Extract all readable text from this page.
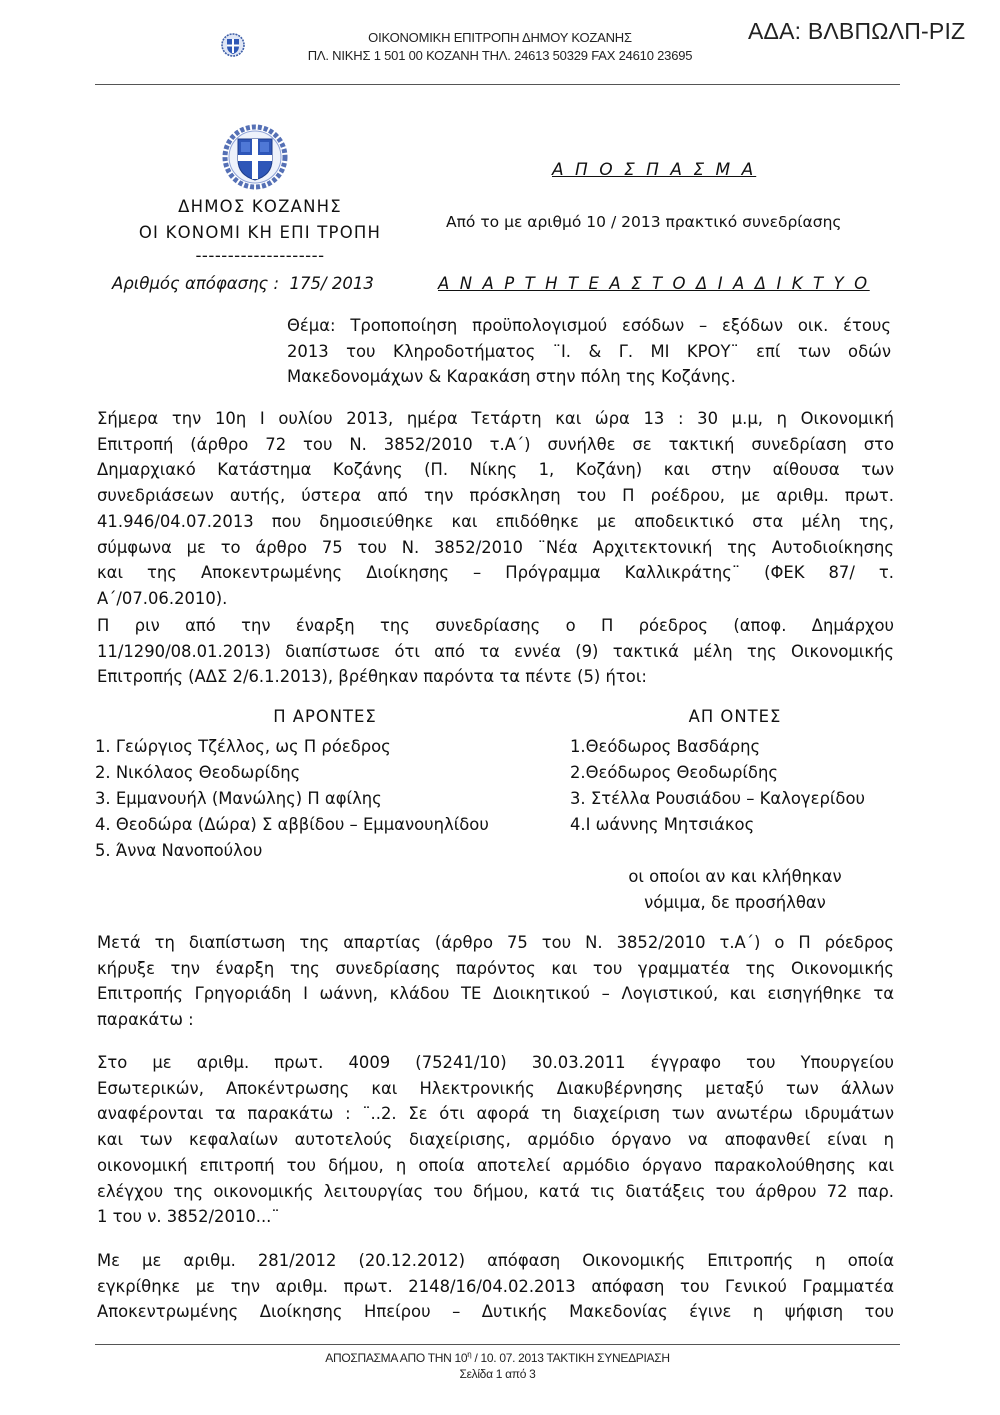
ΟΙΚΟΝΟΜΙΚΗ ΕΠΙΤΡΟΠΗ ΔΗΜΟΥ ΚΟΖΑΝΗΣ
ΠΛ. ΝΙΚΗΣ 1 501 00 ΚΟΖΑΝΗ ΤΗΛ. 24613 50329 FAX 24610 23695
ΑΔΑ: ΒΛΒΠΩΛΠ-ΡΙΖ
ΔΗΜΟΣ ΚΟΖΑΝΗΣ
ΟΙ ΚΟΝΟΜΙ ΚΗ ΕΠΙ ΤΡΟΠΗ
--------------------
Α Π Ο Σ Π Α Σ Μ Α
Από το με αριθμό 10 / 2013 πρακτικό συνεδρίασης
Αριθμός απόφασης : 175/ 2013	Α Ν Α Ρ Τ Η Τ Ε Α Σ Τ Ο Δ Ι Α Δ Ι Κ Τ Υ Ο
Θέμα: Τροποποίηση προϋπολογισμού εσόδων – εξόδων οικ. έτους
2013 του Κληροδοτήματος ¨Ι. & Γ. ΜΙ ΚΡΟΥ¨ επί των οδών
Μακεδονομάχων & Καρακάση στην πόλη της Κοζάνης.
Σήμερα την 10η Ι ουλίου 2013, ημέρα Τετάρτη και ώρα 13 : 30 μ.μ, η Οικονομική
Επιτροπή (άρθρο 72 του Ν. 3852/2010 τ.Α΄) συνήλθε σε τακτική συνεδρίαση στο
Δημαρχιακό Κατάστημα Κοζάνης (Π. Νίκης 1, Κοζάνη) και στην αίθουσα των
συνεδριάσεων αυτής, ύστερα από την πρόσκληση του Π ροέδρου, με αριθμ. πρωτ.
41.946/04.07.2013 που δημοσιεύθηκε και επιδόθηκε με αποδεικτικό στα μέλη της,
σύμφωνα με το άρθρο 75 του Ν. 3852/2010 ¨Νέα Αρχιτεκτονική της Αυτοδιοίκησης
και της Αποκεντρωμένης Διοίκησης – Πρόγραμμα Καλλικράτης¨ (ΦΕΚ 87/ τ.
Α΄/07.06.2010).
Π ριν από την έναρξη της συνεδρίασης ο Π ρόεδρος (αποφ. Δημάρχου
11/1290/08.01.2013) διαπίστωσε ότι από τα εννέα (9) τακτικά μέλη της Οικονομικής
Επιτροπής (ΑΔΣ 2/6.1.2013), βρέθηκαν παρόντα τα πέντε (5) ήτοι:
Π ΑΡΟΝΤΕΣ	ΑΠ ΟΝΤΕΣ
1. Γεώργιος Τζέλλος, ως Π ρόεδρος
2. Νικόλαος Θεοδωρίδης
3. Εμμανουήλ (Μανώλης) Π αφίλης
4. Θεοδώρα (Δώρα) Σ αββίδου – Εμμανουηλίδου
5. Άννα Νανοπούλου
1.Θεόδωρος Βασδάρης
2.Θεόδωρος Θεοδωρίδης
3. Στέλλα Ρουσιάδου – Καλογερίδου
4.Ι ωάννης Μητσιάκος
οι οποίοι αν και κλήθηκαν
νόμιμα, δε προσήλθαν
Μετά τη διαπίστωση της απαρτίας (άρθρο 75 του Ν. 3852/2010 τ.Α΄) ο Π ρόεδρος
κήρυξε την έναρξη της συνεδρίασης παρόντος και του γραμματέα της Οικονομικής
Επιτροπής Γρηγοριάδη Ι ωάννη, κλάδου ΤΕ Διοικητικού – Λογιστικού, και εισηγήθηκε τα
παρακάτω :
Στο με αριθμ. πρωτ. 4009 (75241/10) 30.03.2011 έγγραφο του Υπουργείου
Εσωτερικών, Αποκέντρωσης και Ηλεκτρονικής Διακυβέρνησης μεταξύ των άλλων
αναφέρονται τα παρακάτω : ¨..2. Σε ότι αφορά τη διαχείριση των ανωτέρω ιδρυμάτων
και των κεφαλαίων αυτοτελούς διαχείρισης, αρμόδιο όργανο να αποφανθεί είναι η
οικονομική επιτροπή του δήμου, η οποία αποτελεί αρμόδιο όργανο παρακολούθησης και
ελέγχου της οικονομικής λειτουργίας του δήμου, κατά τις διατάξεις του άρθρου 72 παρ.
1 του ν. 3852/2010...¨
Με με αριθμ. 281/2012 (20.12.2012) απόφαση Οικονομικής Επιτροπής η οποία
εγκρίθηκε με την αριθμ. πρωτ. 2148/16/04.02.2013 απόφαση του Γενικού Γραμματέα
Αποκεντρωμένης Διοίκησης Ηπείρου – Δυτικής Μακεδονίας έγινε η ψήφιση του
ΑΠΟΣΠΑΣΜΑ ΑΠΟ ΤΗΝ $10^\eta / 10$. 07. 2013 ΤΑΚΤΙΚΗ ΣΥΝΕΔΡΙΑΣΗ
Σελίδα 1 από 3
